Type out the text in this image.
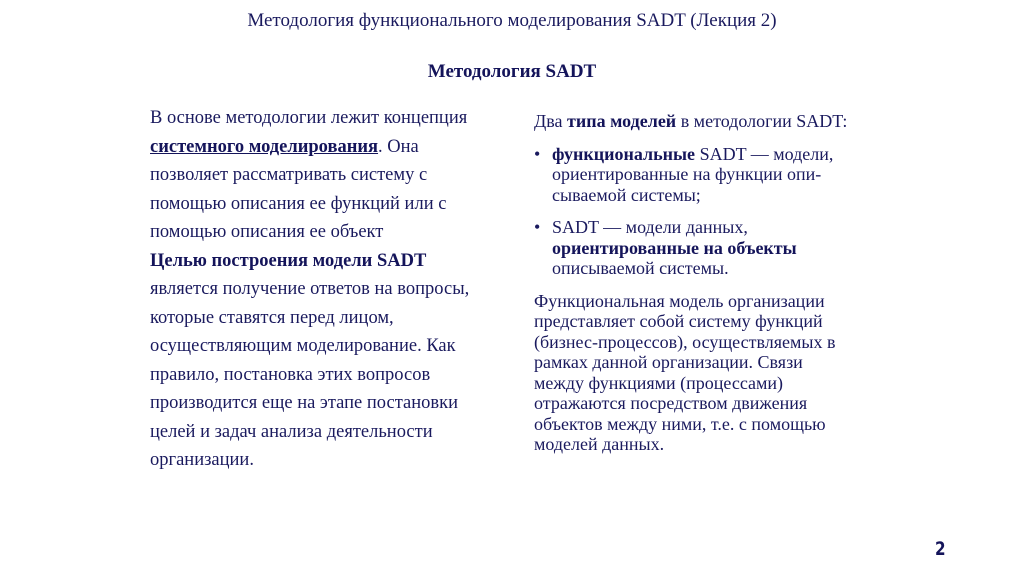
Методология функционального моделирования SADT (Лекция 2)
Методология SADT
В основе методологии лежит концепция
системного моделирования. Она
позволяет рассматривать систему с
помощью описания ее функций или с
помощью описания ее объект
Целью построения модели SADT
является получение ответов на вопросы,
которые ставятся перед лицом,
осуществляющим моделирование. Как
правило, постановка этих вопросов
производится еще на этапе постановки
целей и задач анализа деятельности
организации.
Два типа моделей в методологии SADT:
• функциональные SADT — модели,
ориентированные на функции опи-
сываемой системы;
• SADT — модели данных,
ориентированные на объекты
описываемой системы.
Функциональная модель организации
представляет собой систему функций
(бизнес-процессов), осуществляемых в
рамках данной организации. Связи
между функциями (процессами)
отражаются посредством движения
объектов между ними, т.е. с помощью
моделей данных.
2
